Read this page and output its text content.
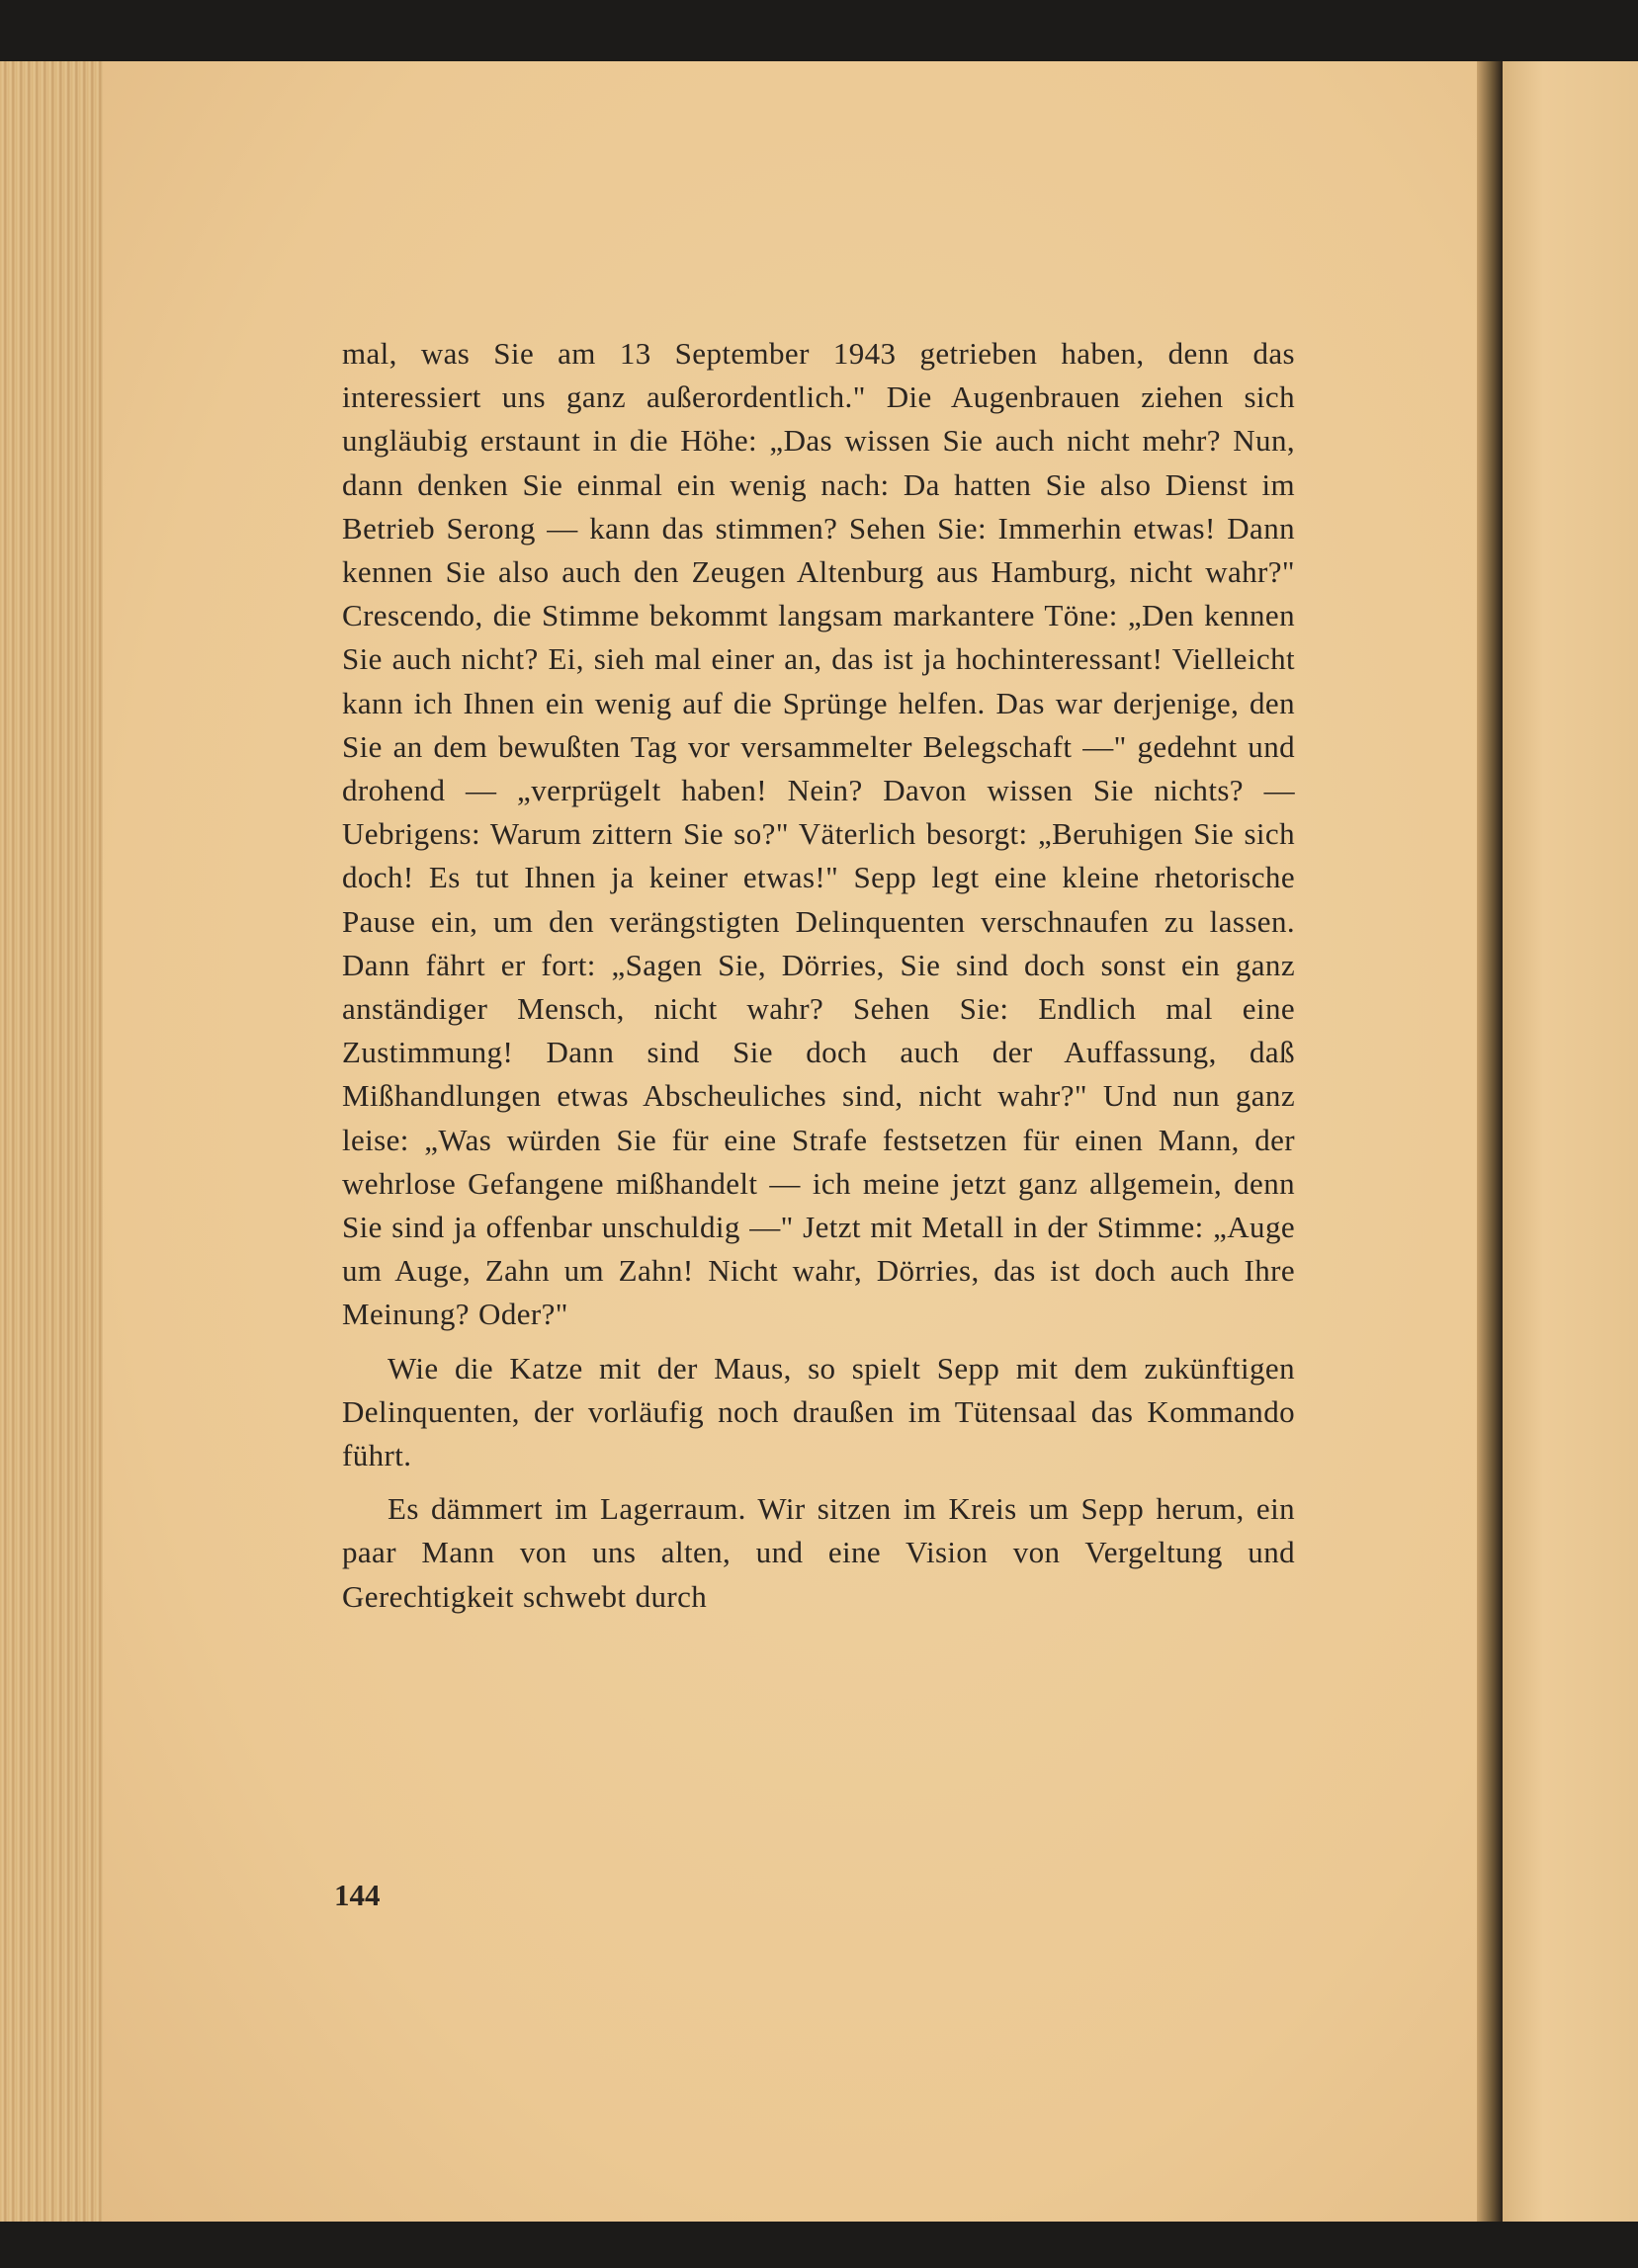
mal, was Sie am 13 September 1943 getrieben haben, denn das interessiert uns ganz außerordentlich." Die Augenbrauen ziehen sich ungläubig erstaunt in die Höhe: „Das wissen Sie auch nicht mehr? Nun, dann denken Sie einmal ein wenig nach: Da hatten Sie also Dienst im Betrieb Serong — kann das stimmen? Sehen Sie: Immerhin etwas! Dann kennen Sie also auch den Zeugen Altenburg aus Hamburg, nicht wahr?" Crescendo, die Stimme bekommt langsam markantere Töne: „Den kennen Sie auch nicht? Ei, sieh mal einer an, das ist ja hochinteressant! Vielleicht kann ich Ihnen ein wenig auf die Sprünge helfen. Das war derjenige, den Sie an dem bewußten Tag vor versammelter Belegschaft —" gedehnt und drohend — „verprügelt haben! Nein? Davon wissen Sie nichts? — Uebrigens: Warum zittern Sie so?" Väterlich besorgt: „Beruhigen Sie sich doch! Es tut Ihnen ja keiner etwas!" Sepp legt eine kleine rhetorische Pause ein, um den verängstigten Delinquenten verschnaufen zu lassen. Dann fährt er fort: „Sagen Sie, Dörries, Sie sind doch sonst ein ganz anständiger Mensch, nicht wahr? Sehen Sie: Endlich mal eine Zustimmung! Dann sind Sie doch auch der Auffassung, daß Mißhandlungen etwas Abscheuliches sind, nicht wahr?" Und nun ganz leise: „Was würden Sie für eine Strafe festsetzen für einen Mann, der wehrlose Gefangene mißhandelt — ich meine jetzt ganz allgemein, denn Sie sind ja offenbar unschuldig —" Jetzt mit Metall in der Stimme: „Auge um Auge, Zahn um Zahn! Nicht wahr, Dörries, das ist doch auch Ihre Meinung? Oder?"

Wie die Katze mit der Maus, so spielt Sepp mit dem zukünftigen Delinquenten, der vorläufig noch draußen im Tütensaal das Kommando führt.

Es dämmert im Lagerraum. Wir sitzen im Kreis um Sepp herum, ein paar Mann von uns alten, und eine Vision von Vergeltung und Gerechtigkeit schwebt durch

144
